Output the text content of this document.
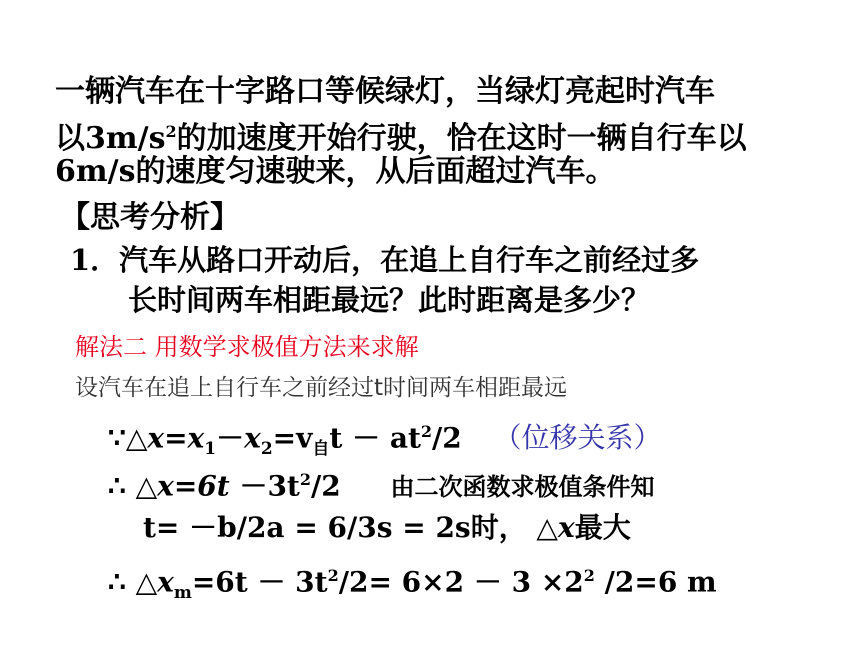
一辆汽车在十字路口等候绿灯，当绿灯亮起时汽车
以$3m/s^2$的加速度开始行驶，恰在这时一辆自行车以
6m/s的速度匀速驶来，从后面超过汽车。
【思考分析】
1．汽车从路口开动后，在追上自行车之前经过多
长时间两车相距最远？此时距离是多少？
解法二 用数学求极值方法来求解
设汽车在追上自行车之前经过t时间两车相距最远
$\because\triangle x=x_1-x_2=v_自t - at^2/2$ （位移关系）
∴ △x=6t $-3t^2/2$ 由二次函数求极值条件知
t= －b/2a = 6/3s = 2s时， △x最大
∴ $\triangle x_m=6t - 3t^2/2= 6\times 2 - 3 \times 2^2$ /2=6 m
